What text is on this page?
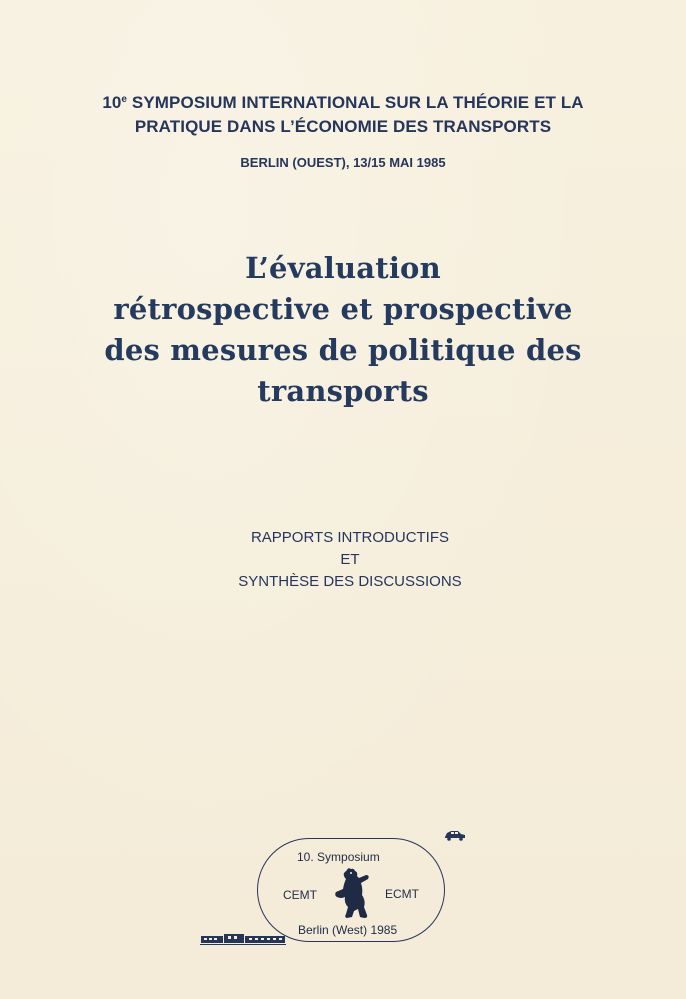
10e SYMPOSIUM INTERNATIONAL SUR LA THÉORIE ET LA
PRATIQUE DANS L’ÉCONOMIE DES TRANSPORTS
BERLIN (OUEST), 13/15 MAI 1985
L’évaluation
rétrospective et prospective
des mesures de politique des
transports
RAPPORTS INTRODUCTIFS
ET
SYNTHÈSE DES DISCUSSIONS
10. Symposium
CEMT	ECMT
Berlin (West) 1985
